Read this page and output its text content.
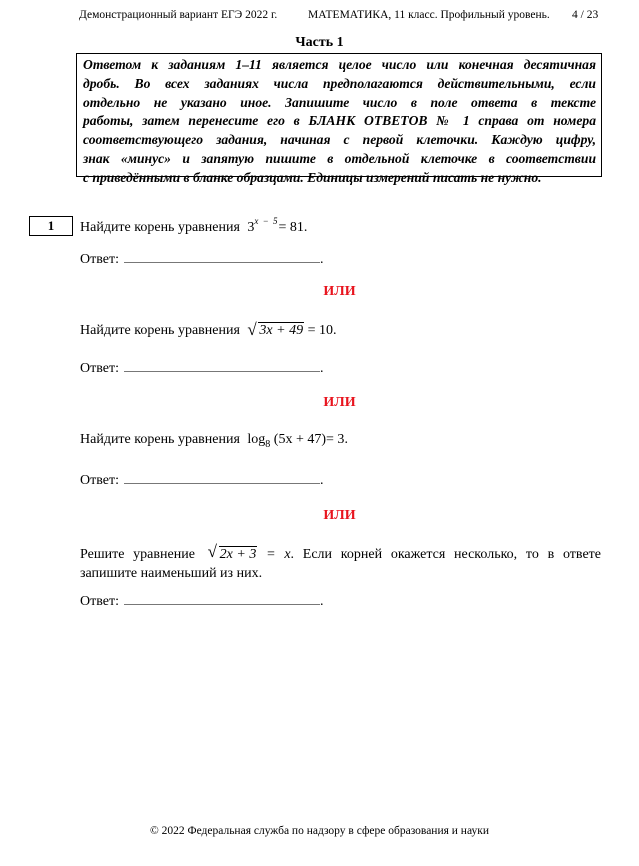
Демонстрационный вариант ЕГЭ 2022 г.	МАТЕМАТИКА, 11 класс. Профильный уровень. 4 / 23
Часть 1
Ответом к заданиям 1–11 является целое число или конечная десятичная
дробь. Во всех заданиях числа предполагаются действительными, если
отдельно не указано иное. Запишите число в поле ответа в тексте
работы, затем перенесите его в БЛАНК ОТВЕТОВ № 1 справа от номера
соответствующего задания, начиная с первой клеточки. Каждую цифру,
знак «минус» и запятую пишите в отдельной клеточке в соответствии
с приведёнными в бланке образцами. Единицы измерений писать не нужно.
1	Найдите корень уравнения $3^{x - 5}= 81$.
Ответ:	.
ИЛИ
Найдите корень уравнения √ 3x + 49 = 10.
Ответ:	.
ИЛИ
Найдите корень уравнения $\log_8 (5x + 47)= 3$.
Ответ:	.
ИЛИ
Решите уравнение √ 2x + 3 = x. Если корней окажется несколько, то в ответе запишите наименьший из них.
Ответ:	.
© 2022 Федеральная служба по надзору в сфере образования и науки
